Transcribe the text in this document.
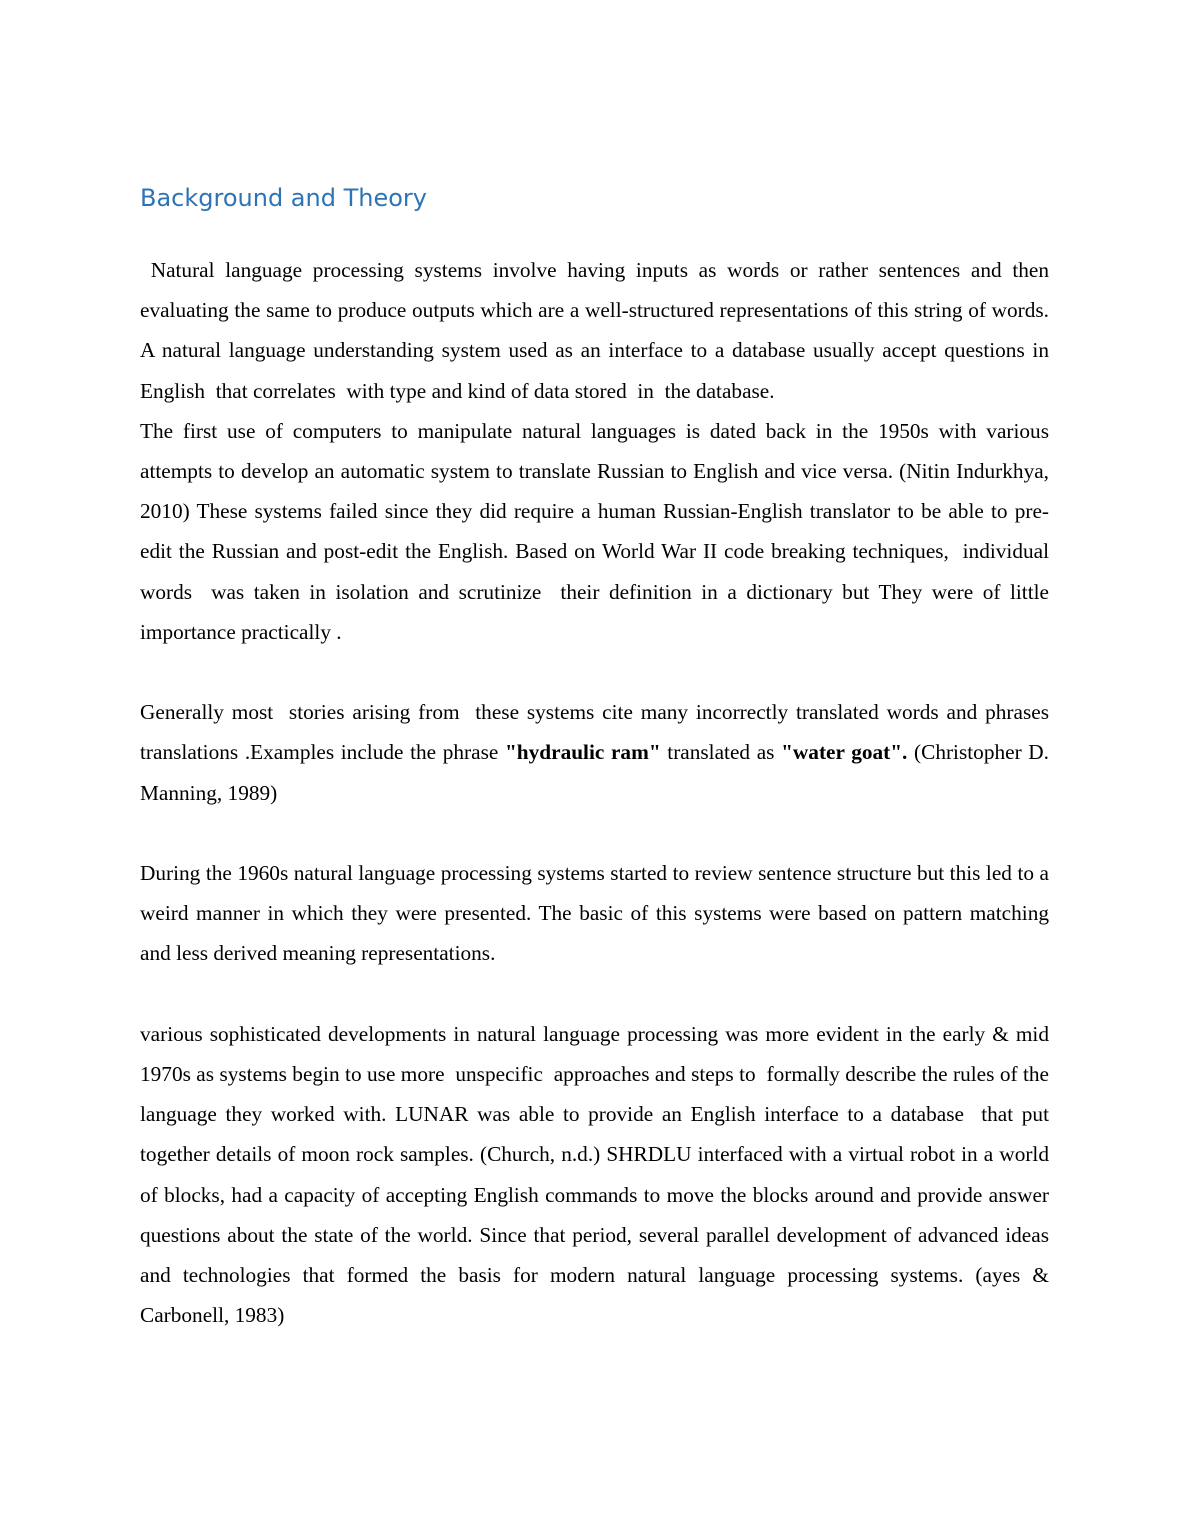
Background and Theory

Natural language processing systems involve having inputs as words or rather sentences and then evaluating the same to produce outputs which are a well-structured representations of this string of words. A natural language understanding system used as an interface to a database usually accept questions in English  that correlates  with type and kind of data stored  in  the database.

The first use of computers to manipulate natural languages is dated back in the 1950s with various attempts to develop an automatic system to translate Russian to English and vice versa. (Nitin Indurkhya, 2010) These systems failed since they did require a human Russian-English translator to be able to pre-edit the Russian and post-edit the English. Based on World War II code breaking techniques,  individual words  was taken in isolation and scrutinize  their definition in a dictionary but They were of little  importance practically .

Generally most  stories arising from  these systems cite many incorrectly translated words and phrases translations .Examples include the phrase "hydraulic ram" translated as "water goat". (Christopher D. Manning, 1989)

During the 1960s natural language processing systems started to review sentence structure but this led to a weird manner in which they were presented. The basic of this systems were based on pattern matching and less derived meaning representations.

various sophisticated developments in natural language processing was more evident in the early & mid 1970s as systems begin to use more  unspecific  approaches and steps to  formally describe the rules of the language they worked with. LUNAR was able to provide an English interface to a database  that put together details of moon rock samples. (Church, n.d.) SHRDLU interfaced with a virtual robot in a world of blocks, had a capacity of accepting English commands to move the blocks around and provide answer questions about the state of the world. Since that period, several parallel development of advanced ideas and technologies that formed the basis for modern natural language processing systems. (ayes & Carbonell, 1983)
